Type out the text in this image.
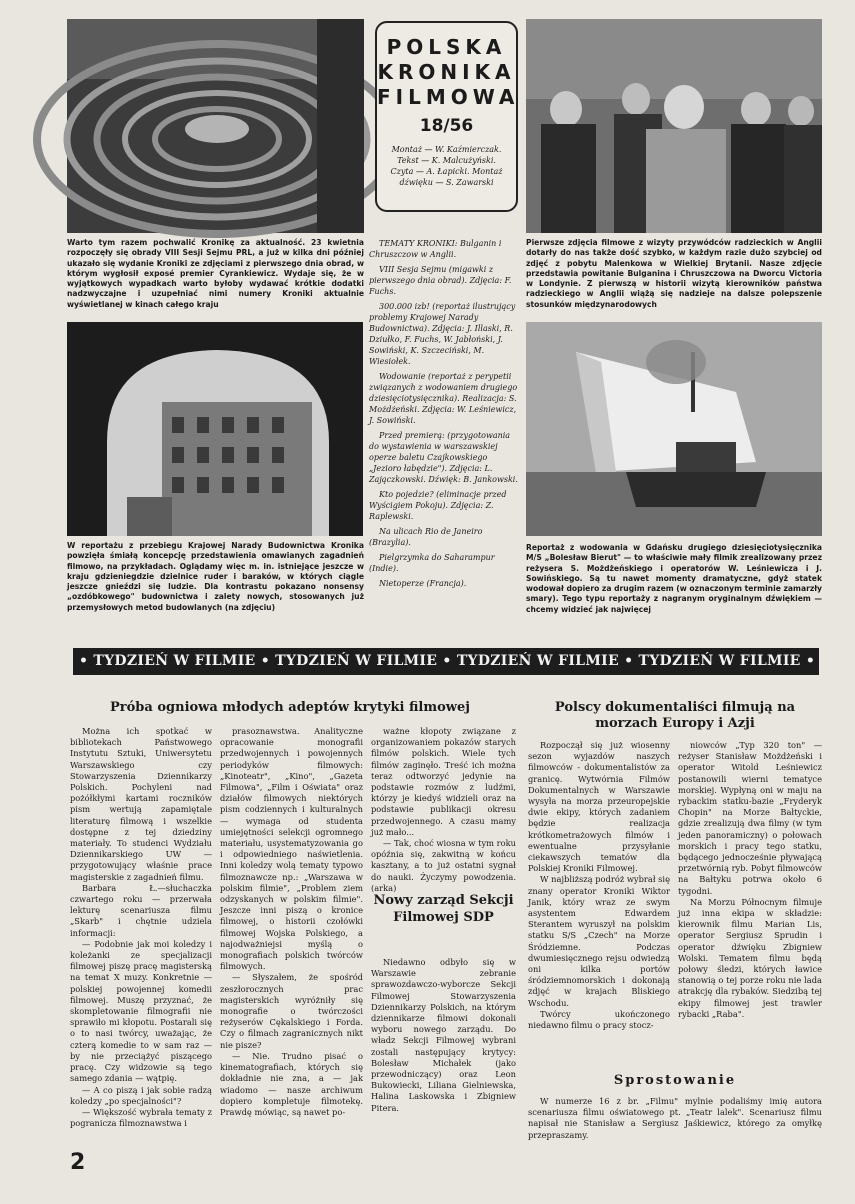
POLSKA
KRONIKA
FILMOWA
18/56
Montaż — W. Kaźmierczak. Tekst — K. Malcużyński. Czyta — A. Łapicki. Montaż dźwięku — S. Zawarski

Warto tym razem pochwalić Kronikę za aktualność. 23 kwietnia rozpoczęły się obrady VIII Sesji Sejmu PRL, a już w kilka dni później ukazało się wydanie Kroniki ze zdjęciami z pierwszego dnia obrad, w którym wygłosił exposé premier Cyrankiewicz. Wydaje się, że w wyjątkowych wypadkach warto byłoby wydawać krótkie dodatki nadzwyczajne i uzupełniać nimi numery Kroniki aktualnie wyświetlanej w kinach całego kraju

Pierwsze zdjęcia filmowe z wizyty przywódców radzieckich w Anglii dotarły do nas także dość szybko, w każdym razie dużo szybciej od zdjęć z pobytu Malenkowa w Wielkiej Brytanii. Nasze zdjęcie przedstawia powitanie Bulganina i Chruszczowa na Dworcu Victoria w Londynie. Z pierwszą w historii wizytą kierowników państwa radzieckiego w Anglii wiążą się nadzieje na dalsze polepszenie stosunków międzynarodowych

TEMATY KRONIKI: Bulganin i Chruszczow w Anglii.

VIII Sesja Sejmu (migawki z pierwszego dnia obrad). Zdjęcia: F. Fuchs.

300.000 izb! (reportaż ilustrujący problemy Krajowej Narady Budownictwa). Zdjęcia: J. Illaski, R. Dziułko, F. Fuchs, W. Jabłoński, J. Sowiński, K. Szczeciński, M. Wiesiołek.

Wodowanie (reportaż z perypetii związanych z wodowaniem drugiego dziesięciotysięcznika). Realizacja: S. Możdżeński. Zdjęcia: W. Leśniewicz, J. Sowiński.

Przed premierą: (przygotowania do wystawienia w warszawskiej operze baletu Czajkowskiego „Jezioro łabędzie"). Zdjęcia: L. Zajączkowski. Dźwięk: B. Jankowski.

Kto pojedzie? (eliminacje przed Wyścigiem Pokoju). Zdjęcia: Z. Raplewski.

Na ulicach Rio de Janeiro (Brazylia).

Pielgrzymka do Saharampur (Indie).

Nietoperze (Francja).

W reportażu z przebiegu Krajowej Narady Budownictwa Kronika powzięła śmiałą koncepcję przedstawienia omawianych zagadnień filmowo, na przykładach. Oglądamy więc m. in. istniejące jeszcze w kraju gdzieniegdzie dzielnice ruder i baraków, w których ciągle jeszcze gnieździ się ludzie. Dla kontrastu pokazano nonsensy „ozdóbkowego" budownictwa i zalety nowych, stosowanych już przemysłowych metod budowlanych (na zdjęciu)

Reportaż z wodowania w Gdańsku drugiego dziesięciotysięcznika M/S „Bolesław Bierut" — to właściwie mały filmik zrealizowany przez reżysera S. Możdżeńskiego i operatorów W. Leśniewicza i J. Sowińskiego. Są tu nawet momenty dramatyczne, gdyż statek wodował dopiero za drugim razem (w oznaczonym terminie zamarzły smary). Tego typu reportaży z nagranym oryginalnym dźwiękiem — chcemy widzieć jak najwięcej

• TYDZIEŃ W FILMIE • TYDZIEŃ W FILMIE • TYDZIEŃ W FILMIE • TYDZIEŃ W FILMIE •
Próba ogniowa młodych adeptów krytyki filmowej

Można ich spotkać w bibliotekach Państwowego Instytutu Sztuki, Uniwersytetu Warszawskiego czy Stowarzyszenia Dziennikarzy Polskich. Pochyleni nad pożółkłymi kartami roczników pism wertują zapamiętale literaturę filmową i wszelkie dostępne z tej dziedziny materiały. To studenci Wydziału Dziennikarskiego UW — przygotowujący właśnie prace magisterskie z zagadnień filmu.

Barbara Ł.—słuchaczka czwartego roku — przerwała lekturę scenariusza filmu „Skarb" i chętnie udziela informacji:

— Podobnie jak moi koledzy i koleżanki ze specjalizacji filmowej piszę pracę magisterską na temat X muzy. Konkretnie — polskiej powojennej komedii filmowej. Muszę przyznać, że skompletowanie filmografii nie sprawiło mi kłopotu. Postarali się o to nasi twórcy, uważając, że czterą komedie to w sam raz — by nie przeciążyć piszącego pracę. Czy widzowie są tego samego zdania — wątpię.

— A co piszą i jak sobie radzą koledzy „po specjalności"?

— Większość wybrała tematy z pogranicza filmoznawstwa i

prasoznawstwa. Analityczne opracowanie monografii przedwojennych i powojennych periodyków filmowych: „Kinoteatr", „Kino", „Gazeta Filmowa", „Film i Oświata" oraz działów filmowych niektórych pism codziennych i kulturalnych — wymaga od studenta umiejętności selekcji ogromnego materiału, usystematyzowania go i odpowiedniego naświetlenia. Inni koledzy wolą tematy typowo filmoznawcze np.: „Warszawa w polskim filmie", „Problem ziem odzyskanych w polskim filmie". Jeszcze inni piszą o kronice filmowej, o historii czołówki filmowej Wojska Polskiego, a najodważniejsi myślą o monografiach polskich twórców filmowych.

— Słyszałem, że spośród zeszłorocznych prac magisterskich wyróżniły się monografie o twórczości reżyserów Cękalskiego i Forda. Czy o filmach zagranicznych nikt nie pisze?

— Nie. Trudno pisać o kinematografiach, których się dokładnie nie zna, a — jak wiadomo — nasze archiwum dopiero kompletuje filmotekę. Prawdę mówiąc, są nawet po-

ważne kłopoty związane z organizowaniem pokazów starych filmów polskich. Wiele tych filmów zaginęło. Treść ich można teraz odtworzyć jedynie na podstawie rozmów z ludźmi, którzy je kiedyś widzieli oraz na podstawie publikacji okresu przedwojennego. A czasu mamy już mało...

— Tak, choć wiosna w tym roku opóźnia się, zakwitną w końcu kasztany, a to już ostatni sygnał do nauki. Życzymy powodzenia. (arka)

Nowy zarząd Sekcji Filmowej SDP

Niedawno odbyło się w Warszawie zebranie sprawozdawczo-wyborcze Sekcji Filmowej Stowarzyszenia Dziennikarzy Polskich, na którym dziennikarze filmowi dokonali wyboru nowego zarządu. Do władz Sekcji Filmowej wybrani zostali następujący krytycy: Bolesław Michałek (jako przewodniczący) oraz Leon Bukowiecki, Liliana Gielniewska, Halina Laskowska i Zbigniew Pitera.

Polscy dokumentaliści filmują na morzach Europy i Azji

Rozpoczął się już wiosenny sezon wyjazdów naszych filmowców - dokumentalistów za granicę. Wytwórnia Filmów Dokumentalnych w Warszawie wysyła na morza przeuropejskie dwie ekipy, których zadaniem będzie realizacja krótkometrażowych filmów i ewentualne przysyłanie ciekawszych tematów dla Polskiej Kroniki Filmowej.

W najbliższą podróż wybrał się znany operator Kroniki Wiktor Janik, który wraz ze swym asystentem Edwardem Sterantem wyruszył na polskim statku S/S „Czech" na Morze Śródziemne. Podczas dwumiesięcznego rejsu odwiedzą oni kilka portów śródziemnomorskich i dokonają zdjęć w krajach Bliskiego Wschodu.

Twórcy ukończonego niedawno filmu o pracy stocz-

niowców „Typ 320 ton" — reżyser Stanisław Możdżeński i operator Witold Leśniewicz postanowili wierni tematyce morskiej. Wypłyną oni w maju na rybackim statku-bazie „Fryderyk Chopin" na Morze Bałtyckie, gdzie zrealizują dwa filmy (w tym jeden panoramiczny) o połowach morskich i pracy tego statku, będącego jednocześnie pływającą przetwórnią ryb. Pobyt filmowców na Bałtyku potrwa około 6 tygodni.

Na Morzu Północnym filmuje już inna ekipa w składzie: kierownik filmu Marian Lis, operator Sergiusz Sprudin i operator dźwięku Zbigniew Wolski. Tematem filmu będą połowy śledzi, których ławice stanowią o tej porze roku nie lada atrakcję dla rybaków. Siedzibą tej ekipy filmowej jest trawler rybacki „Raba".

Sprostowanie

W numerze 16 z br. „Filmu" mylnie podaliśmy imię autora scenariusza filmu oświatowego pt. „Teatr lalek". Scenariusz filmu napisał nie Stanisław a Sergiusz Jaśkiewicz, którego za omyłkę przepraszamy.

2
